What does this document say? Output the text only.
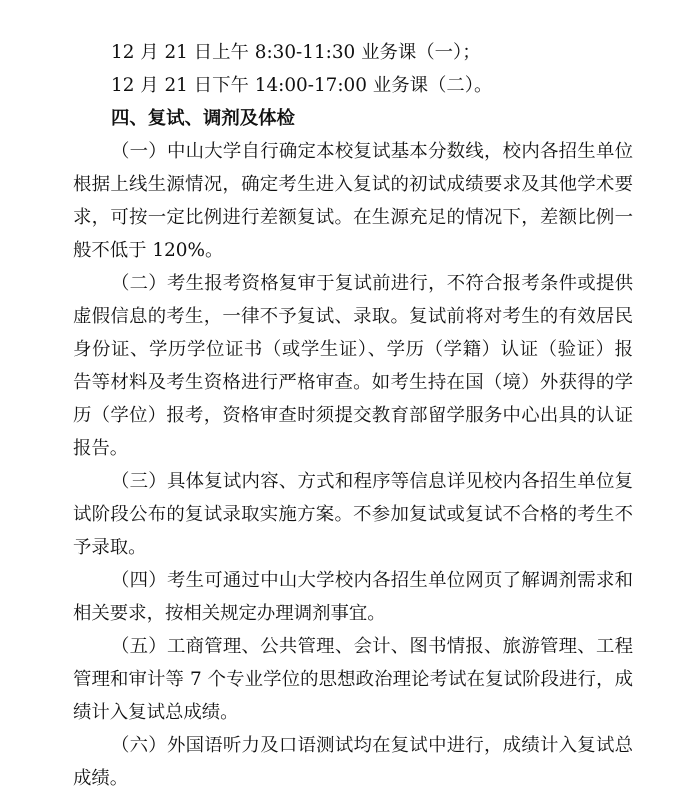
12 月 21 日上午 8:30-11:30 业务课（一）；

12 月 21 日下午 14:00-17:00 业务课（二）。

四、复试、调剂及体检

（一）中山大学自行确定本校复试基本分数线，校内各招生单位根据上线生源情况，确定考生进入复试的初试成绩要求及其他学术要求，可按一定比例进行差额复试。在生源充足的情况下，差额比例一般不低于 120%。

（二）考生报考资格复审于复试前进行，不符合报考条件或提供虚假信息的考生，一律不予复试、录取。复试前将对考生的有效居民身份证、学历学位证书（或学生证）、学历（学籍）认证（验证）报告等材料及考生资格进行严格审查。如考生持在国（境）外获得的学历（学位）报考，资格审查时须提交教育部留学服务中心出具的认证报告。

（三）具体复试内容、方式和程序等信息详见校内各招生单位复试阶段公布的复试录取实施方案。不参加复试或复试不合格的考生不予录取。

（四）考生可通过中山大学校内各招生单位网页了解调剂需求和相关要求，按相关规定办理调剂事宜。

（五）工商管理、公共管理、会计、图书情报、旅游管理、工程管理和审计等 7 个专业学位的思想政治理论考试在复试阶段进行，成绩计入复试总成绩。

（六）外国语听力及口语测试均在复试中进行，成绩计入复试总成绩。
